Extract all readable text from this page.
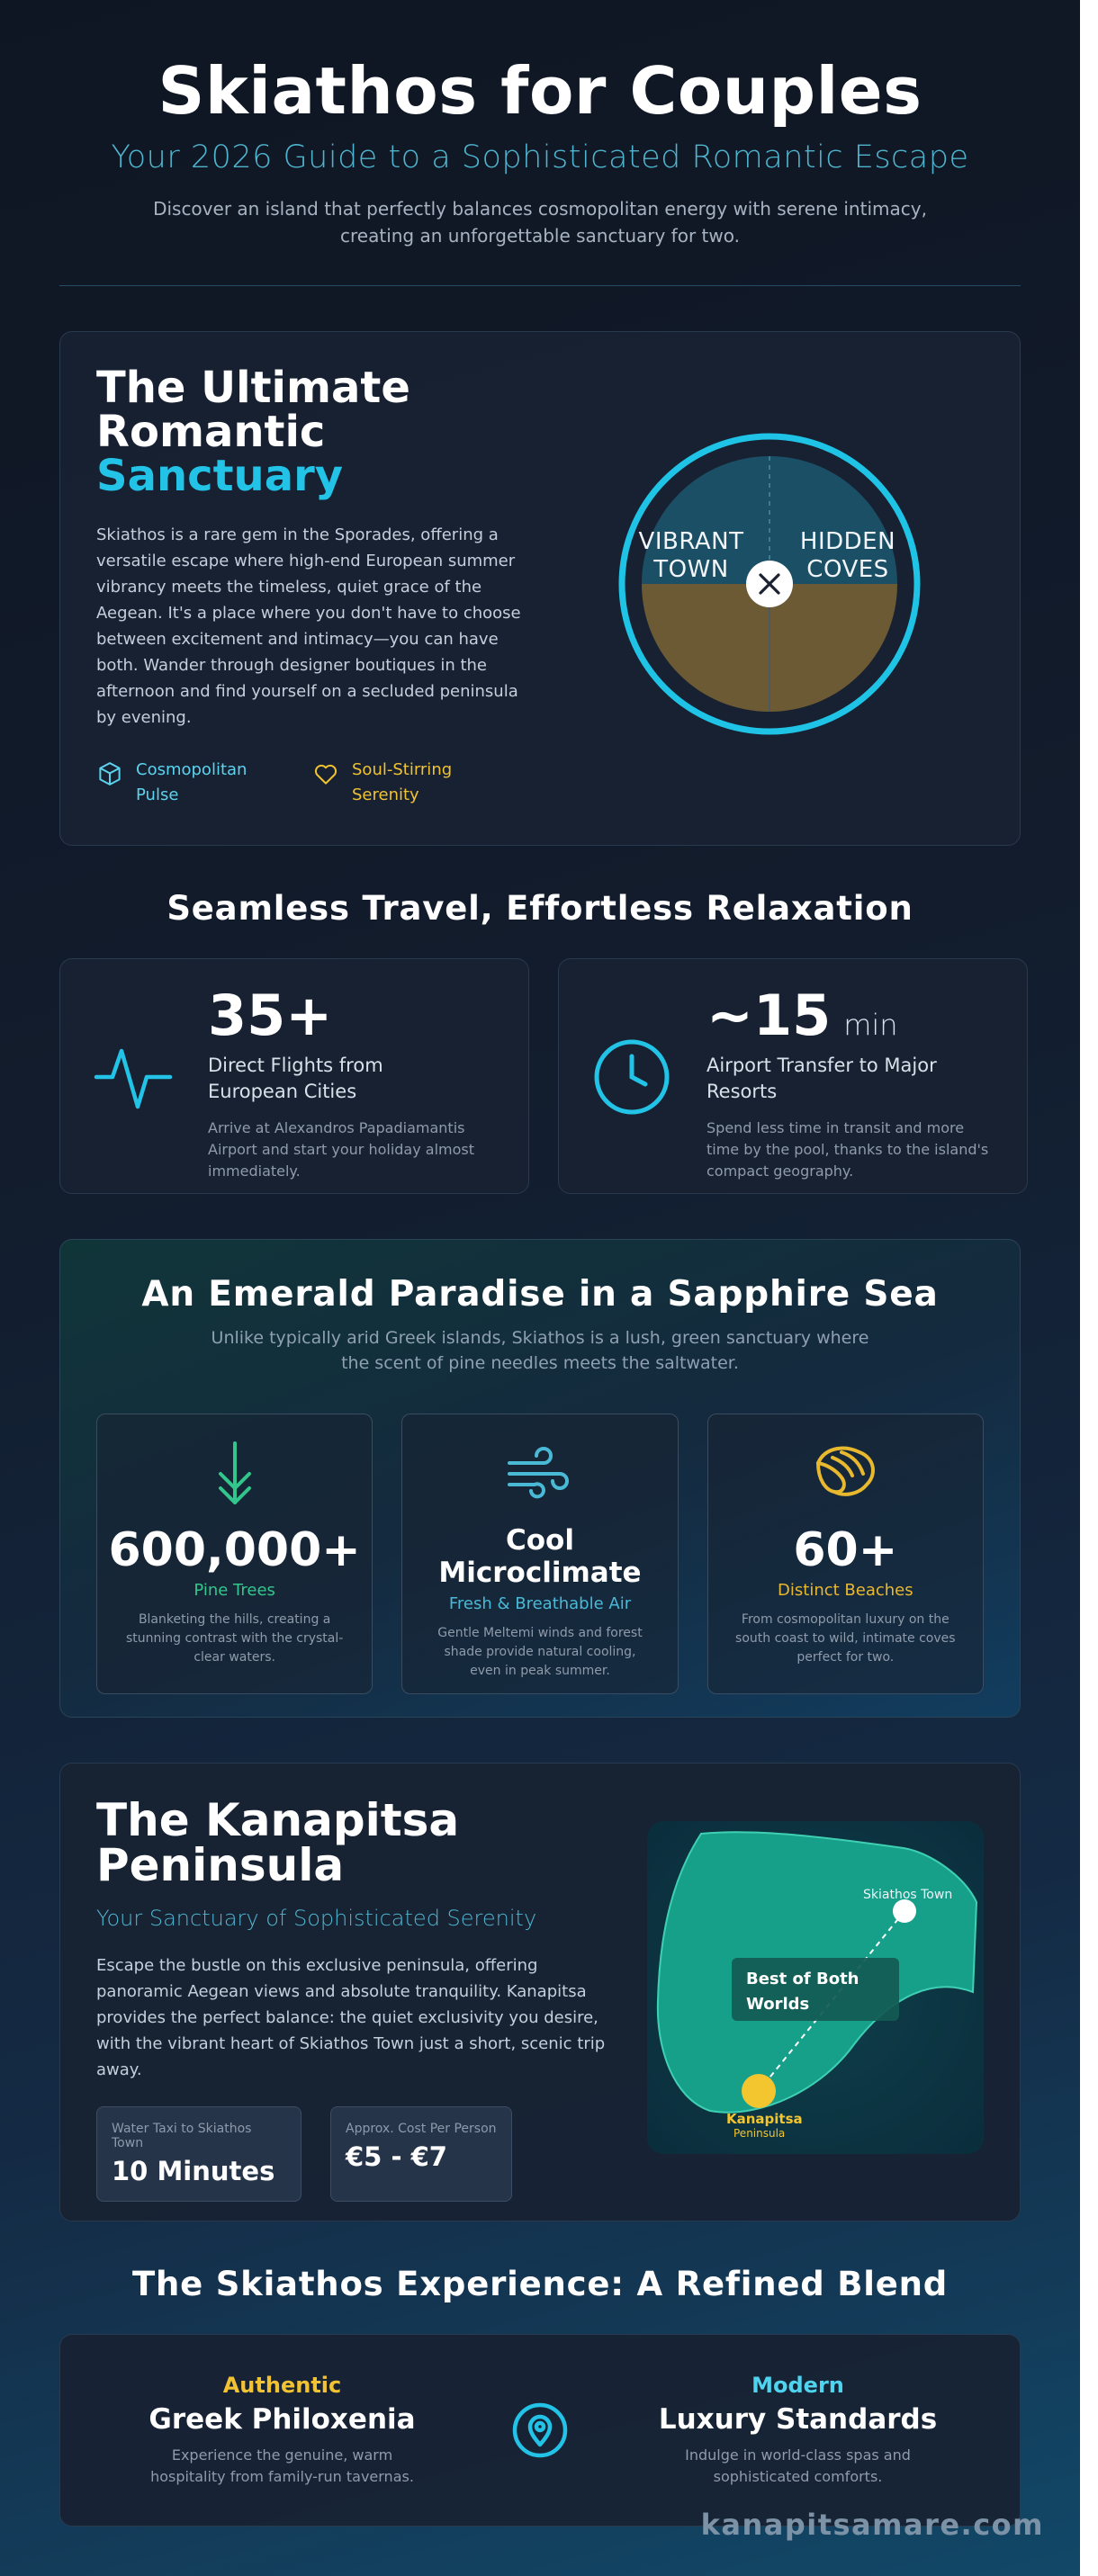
Skiathos for Couples
Your 2026 Guide to a Sophisticated Romantic Escape

Discover an island that perfectly balances cosmopolitan energy with serene intimacy, creating an unforgettable sanctuary for two.

The Ultimate Romantic
Sanctuary

Skiathos is a rare gem in the Sporades, offering a versatile escape where high-end European summer vibrancy meets the timeless, quiet grace of the Aegean. It's a place where you don't have to choose between excitement and intimacy—you can have both. Wander through designer boutiques in the afternoon and find yourself on a secluded peninsula by evening.

Cosmopolitan Pulse
Soul-Stirring Serenity
VIBRANT TOWN
HIDDEN COVES
Seamless Travel, Effortless Relaxation
35+
Direct Flights from European Cities
Arrive at Alexandros Papadiamantis Airport and start your holiday almost immediately.
~15 min
Airport Transfer to Major Resorts
Spend less time in transit and more time by the pool, thanks to the island's compact geography.
An Emerald Paradise in a Sapphire Sea

Unlike typically arid Greek islands, Skiathos is a lush, green sanctuary where the scent of pine needles meets the saltwater.

600,000+
Pine Trees
Blanketing the hills, creating a stunning contrast with the crystal-clear waters.
Cool Microclimate
Fresh & Breathable Air
Gentle Meltemi winds and forest shade provide natural cooling, even in peak summer.
60+
Distinct Beaches
From cosmopolitan luxury on the south coast to wild, intimate coves perfect for two.
The Kanapitsa Peninsula
Your Sanctuary of Sophisticated Serenity

Escape the bustle on this exclusive peninsula, offering panoramic Aegean views and absolute tranquility. Kanapitsa provides the perfect balance: the quiet exclusivity you desire, with the vibrant heart of Skiathos Town just a short, scenic trip away.

Water Taxi to Skiathos Town
10 Minutes
Approx. Cost Per Person
€5 - €7
Skiathos Town
Best of Both Worlds
Kanapitsa
Peninsula
The Skiathos Experience: A Refined Blend
Authentic
Greek Philoxenia
Experience the genuine, warm hospitality from family-run tavernas.
Modern
Luxury Standards
Indulge in world-class spas and sophisticated comforts.
kanapitsamare.com
